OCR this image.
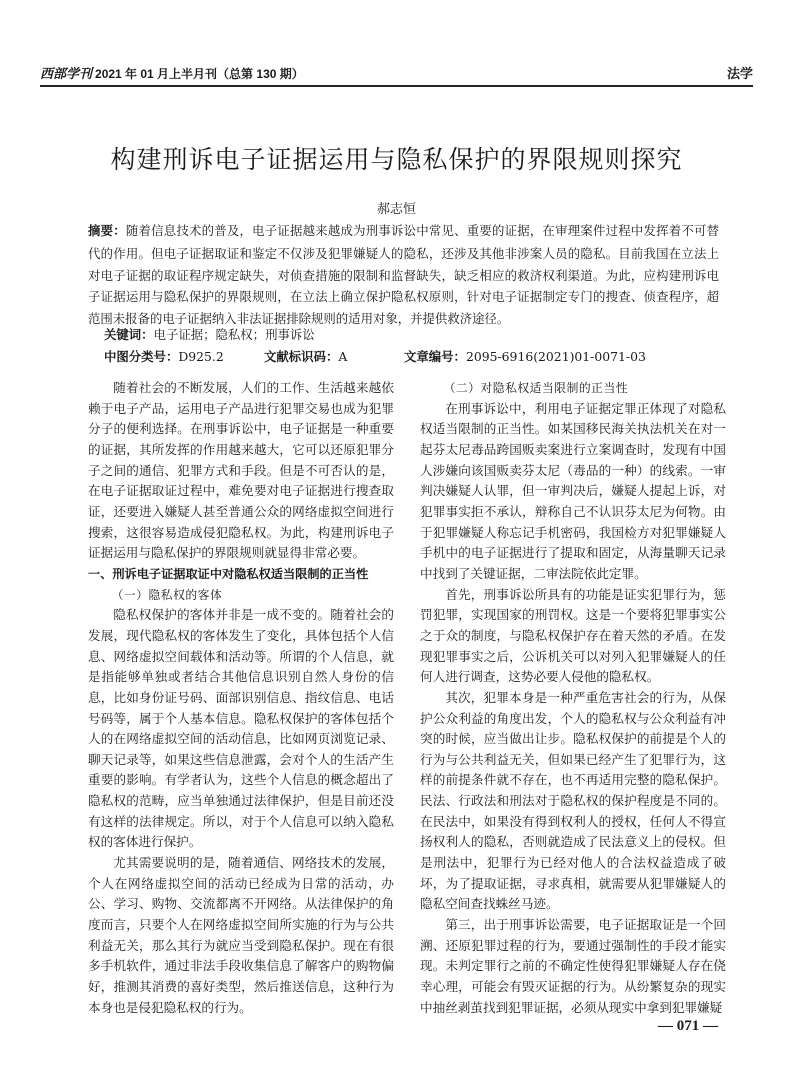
西部学刊 2021 年 01 月上半月刊（总第 130 期）	法学
构建刑诉电子证据运用与隐私保护的界限规则探究
郝志恒
摘要：随着信息技术的普及，电子证据越来越成为刑事诉讼中常见、重要的证据，在审理案件过程中发挥着不可替代的作用。但电子证据取证和鉴定不仅涉及犯罪嫌疑人的隐私，还涉及其他非涉案人员的隐私。目前我国在立法上对电子证据的取证程序规定缺失，对侦查措施的限制和监督缺失，缺乏相应的救济权利渠道。为此，应构建刑诉电子证据运用与隐私保护的界限规则，在立法上确立保护隐私权原则，针对电子证据制定专门的搜查、侦查程序，超范围未报备的电子证据纳入非法证据排除规则的适用对象，并提供救济途径。
关键词：电子证据；隐私权；刑事诉讼
中图分类号：D925.2	文献标识码：A	文章编号：2095-6916(2021)01-0071-03

随着社会的不断发展，人们的工作、生活越来越依赖于电子产品，运用电子产品进行犯罪交易也成为犯罪分子的便利选择。在刑事诉讼中，电子证据是一种重要的证据，其所发挥的作用越来越大，它可以还原犯罪分子之间的通信、犯罪方式和手段。但是不可否认的是，在电子证据取证过程中，难免要对电子证据进行搜查取证，还要进入嫌疑人甚至普通公众的网络虚拟空间进行搜索，这很容易造成侵犯隐私权。为此，构建刑诉电子证据运用与隐私保护的界限规则就显得非常必要。

一、刑诉电子证据取证中对隐私权适当限制的正当性
（一）隐私权的客体

隐私权保护的客体并非是一成不变的。随着社会的发展，现代隐私权的客体发生了变化，具体包括个人信息、网络虚拟空间载体和活动等。所谓的个人信息，就是指能够单独或者结合其他信息识别自然人身份的信息，比如身份证号码、面部识别信息、指纹信息、电话号码等，属于个人基本信息。隐私权保护的客体包括个人的在网络虚拟空间的活动信息，比如网页浏览记录、聊天记录等，如果这些信息泄露，会对个人的生活产生重要的影响。有学者认为，这些个人信息的概念超出了隐私权的范畴，应当单独通过法律保护，但是目前还没有这样的法律规定。所以，对于个人信息可以纳入隐私权的客体进行保护。

尤其需要说明的是，随着通信、网络技术的发展，个人在网络虚拟空间的活动已经成为日常的活动，办公、学习、购物、交流都离不开网络。从法律保护的角度而言，只要个人在网络虚拟空间所实施的行为与公共利益无关，那么其行为就应当受到隐私保护。现在有很多手机软件，通过非法手段收集信息了解客户的购物偏好，推测其消费的喜好类型，然后推送信息，这种行为本身也是侵犯隐私权的行为。

（二）对隐私权适当限制的正当性

在刑事诉讼中，利用电子证据定罪正体现了对隐私权适当限制的正当性。如某国移民海关执法机关在对一起芬太尼毒品跨国贩卖案进行立案调查时，发现有中国人涉嫌向该国贩卖芬太尼（毒品的一种）的线索。一审判决嫌疑人认罪，但一审判决后，嫌疑人提起上诉，对犯罪事实拒不承认，辩称自己不认识芬太尼为何物。由于犯罪嫌疑人称忘记手机密码，我国检方对犯罪嫌疑人手机中的电子证据进行了提取和固定，从海量聊天记录中找到了关键证据，二审法院依此定罪。

首先，刑事诉讼所具有的功能是证实犯罪行为，惩罚犯罪，实现国家的刑罚权。这是一个要将犯罪事实公之于众的制度，与隐私权保护存在着天然的矛盾。在发现犯罪事实之后，公诉机关可以对列入犯罪嫌疑人的任何人进行调查，这势必要人侵他的隐私权。

其次，犯罪本身是一种严重危害社会的行为，从保护公众利益的角度出发，个人的隐私权与公众利益有冲突的时候，应当做出让步。隐私权保护的前提是个人的行为与公共利益无关，但如果已经产生了犯罪行为，这样的前提条件就不存在，也不再适用完整的隐私保护。民法、行政法和刑法对于隐私权的保护程度是不同的。在民法中，如果没有得到权利人的授权，任何人不得宣扬权利人的隐私，否则就造成了民法意义上的侵权。但是刑法中，犯罪行为已经对他人的合法权益造成了破坏，为了提取证据，寻求真相，就需要从犯罪嫌疑人的隐私空间查找蛛丝马迹。

第三，出于刑事诉讼需要，电子证据取证是一个回溯、还原犯罪过程的行为，要通过强制性的手段才能实现。未判定罪行之前的不确定性使得犯罪嫌疑人存在侥幸心理，可能会有毁灭证据的行为。从纷繁复杂的现实中抽丝剥茧找到犯罪证据，必须从现实中拿到犯罪嫌疑

— 071 —
